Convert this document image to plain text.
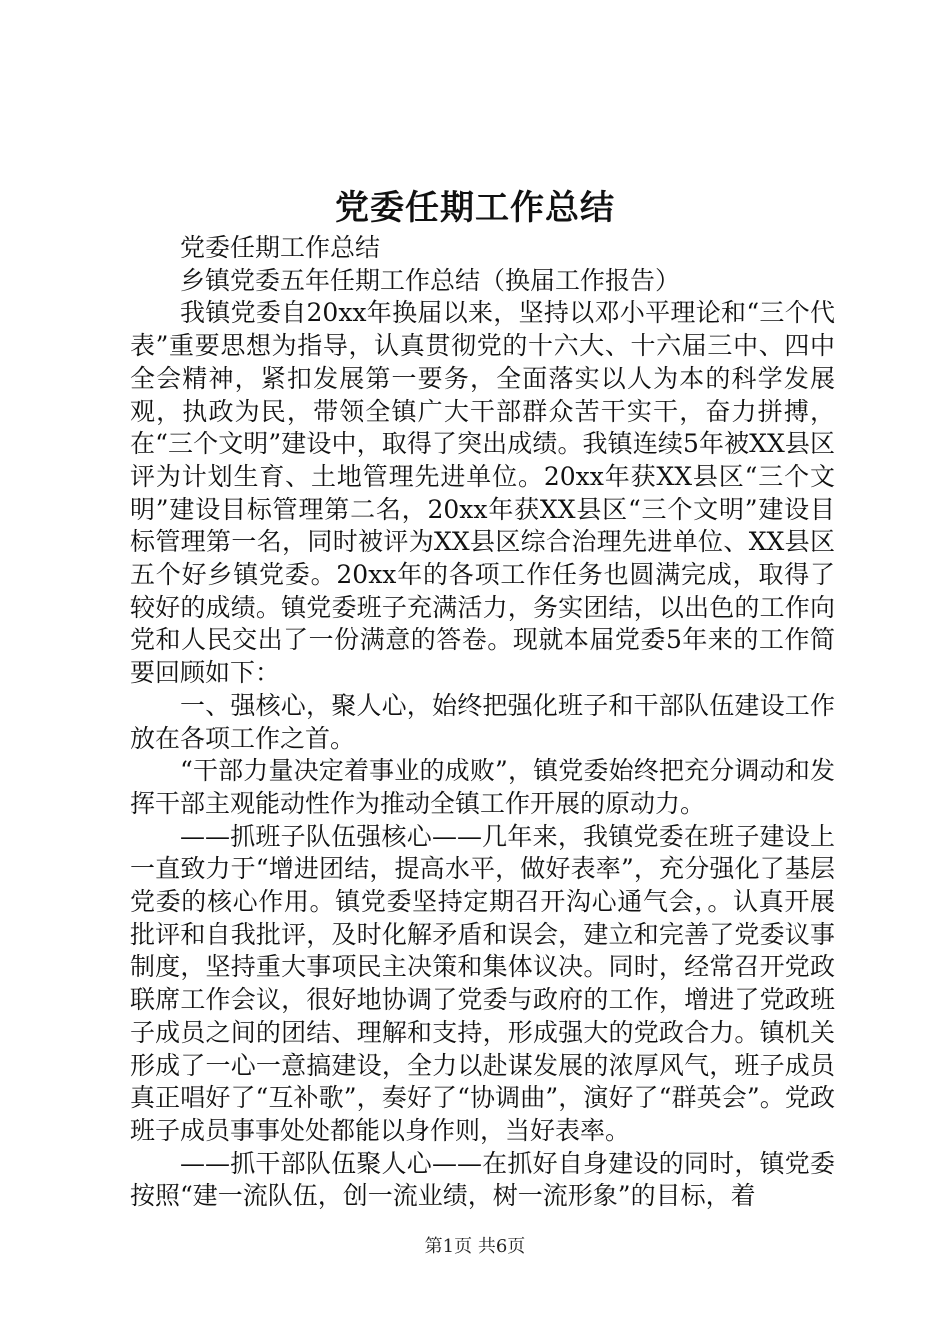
党委任期工作总结

党委任期工作总结

乡镇党委五年任期工作总结（换届工作报告）

我镇党委自20xx年换届以来，坚持以邓小平理论和“三个代表”重要思想为指导，认真贯彻党的十六大、十六届三中、四中全会精神，紧扣发展第一要务，全面落实以人为本的科学发展观，执政为民，带领全镇广大干部群众苦干实干，奋力拼搏，在“三个文明”建设中，取得了突出成绩。我镇连续5年被XX县区评为计划生育、土地管理先进单位。20xx年获XX县区“三个文明”建设目标管理第二名，20xx年获XX县区“三个文明”建设目标管理第一名，同时被评为XX县区综合治理先进单位、XX县区五个好乡镇党委。20xx年的各项工作任务也圆满完成，取得了较好的成绩。镇党委班子充满活力，务实团结，以出色的工作向党和人民交出了一份满意的答卷。现就本届党委5年来的工作简要回顾如下：

一、强核心，聚人心，始终把强化班子和干部队伍建设工作放在各项工作之首。

“干部力量决定着事业的成败”，镇党委始终把充分调动和发挥干部主观能动性作为推动全镇工作开展的原动力。

——抓班子队伍强核心——几年来，我镇党委在班子建设上一直致力于“增进团结，提高水平，做好表率”，充分强化了基层党委的核心作用。镇党委坚持定期召开沟心通气会，。认真开展批评和自我批评，及时化解矛盾和误会，建立和完善了党委议事制度，坚持重大事项民主决策和集体议决。同时，经常召开党政联席工作会议，很好地协调了党委与政府的工作，增进了党政班子成员之间的团结、理解和支持，形成强大的党政合力。镇机关形成了一心一意搞建设，全力以赴谋发展的浓厚风气，班子成员真正唱好了“互补歌”，奏好了“协调曲”，演好了“群英会”。党政班子成员事事处处都能以身作则，当好表率。

——抓干部队伍聚人心——在抓好自身建设的同时，镇党委按照“建一流队伍，创一流业绩，树一流形象”的目标，着

第1页 共6页
